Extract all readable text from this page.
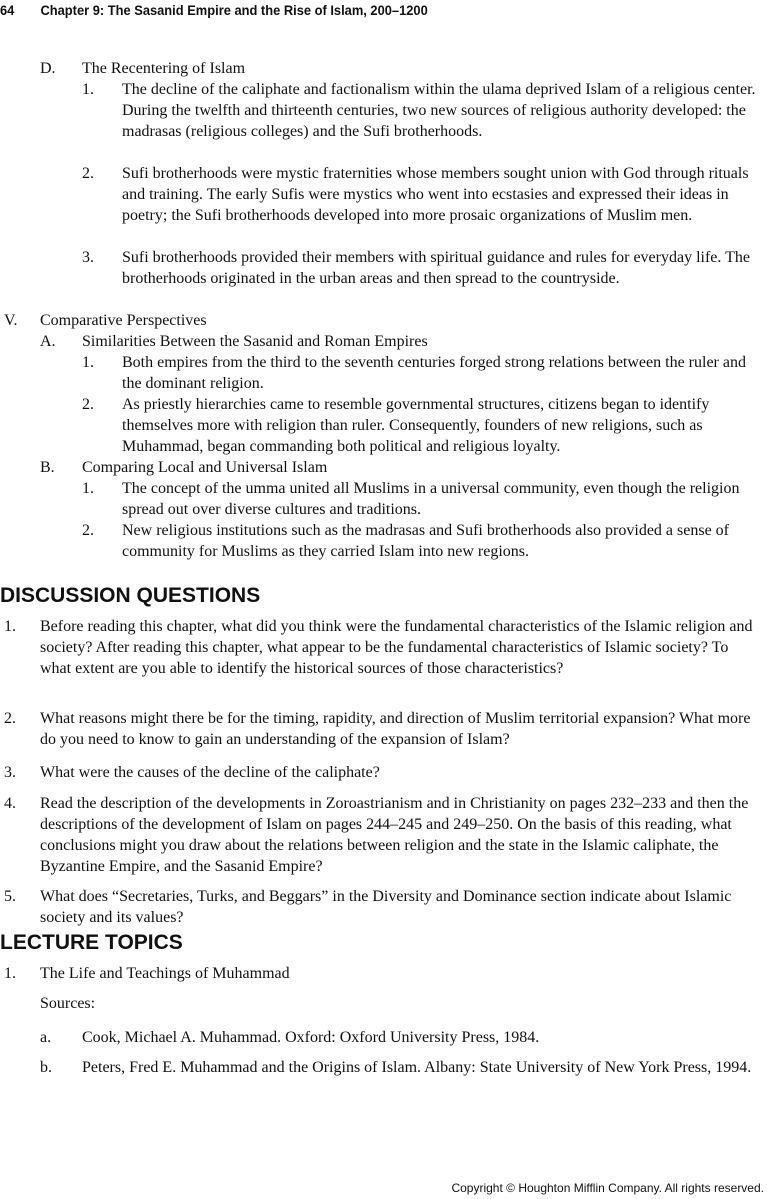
64 Chapter 9: The Sasanid Empire and the Rise of Islam, 200–1200
D. The Recentering of Islam
1. The decline of the caliphate and factionalism within the ulama deprived Islam of a religious center. During the twelfth and thirteenth centuries, two new sources of religious authority developed: the madrasas (religious colleges) and the Sufi brotherhoods.
2. Sufi brotherhoods were mystic fraternities whose members sought union with God through rituals and training. The early Sufis were mystics who went into ecstasies and expressed their ideas in poetry; the Sufi brotherhoods developed into more prosaic organizations of Muslim men.
3. Sufi brotherhoods provided their members with spiritual guidance and rules for everyday life. The brotherhoods originated in the urban areas and then spread to the countryside.
V. Comparative Perspectives
A. Similarities Between the Sasanid and Roman Empires
1. Both empires from the third to the seventh centuries forged strong relations between the ruler and the dominant religion.
2. As priestly hierarchies came to resemble governmental structures, citizens began to identify themselves more with religion than ruler. Consequently, founders of new religions, such as Muhammad, began commanding both political and religious loyalty.
B. Comparing Local and Universal Islam
1. The concept of the umma united all Muslims in a universal community, even though the religion spread out over diverse cultures and traditions.
2. New religious institutions such as the madrasas and Sufi brotherhoods also provided a sense of community for Muslims as they carried Islam into new regions.
DISCUSSION QUESTIONS
1. Before reading this chapter, what did you think were the fundamental characteristics of the Islamic religion and society? After reading this chapter, what appear to be the fundamental characteristics of Islamic society? To what extent are you able to identify the historical sources of those characteristics?
2. What reasons might there be for the timing, rapidity, and direction of Muslim territorial expansion? What more do you need to know to gain an understanding of the expansion of Islam?
3. What were the causes of the decline of the caliphate?
4. Read the description of the developments in Zoroastrianism and in Christianity on pages 232–233 and then the descriptions of the development of Islam on pages 244–245 and 249–250. On the basis of this reading, what conclusions might you draw about the relations between religion and the state in the Islamic caliphate, the Byzantine Empire, and the Sasanid Empire?
5. What does “Secretaries, Turks, and Beggars” in the Diversity and Dominance section indicate about Islamic society and its values?
LECTURE TOPICS
1. The Life and Teachings of Muhammad
Sources:
a. Cook, Michael A. Muhammad. Oxford: Oxford University Press, 1984.
b. Peters, Fred E. Muhammad and the Origins of Islam. Albany: State University of New York Press, 1994.
Copyright © Houghton Mifflin Company. All rights reserved.
